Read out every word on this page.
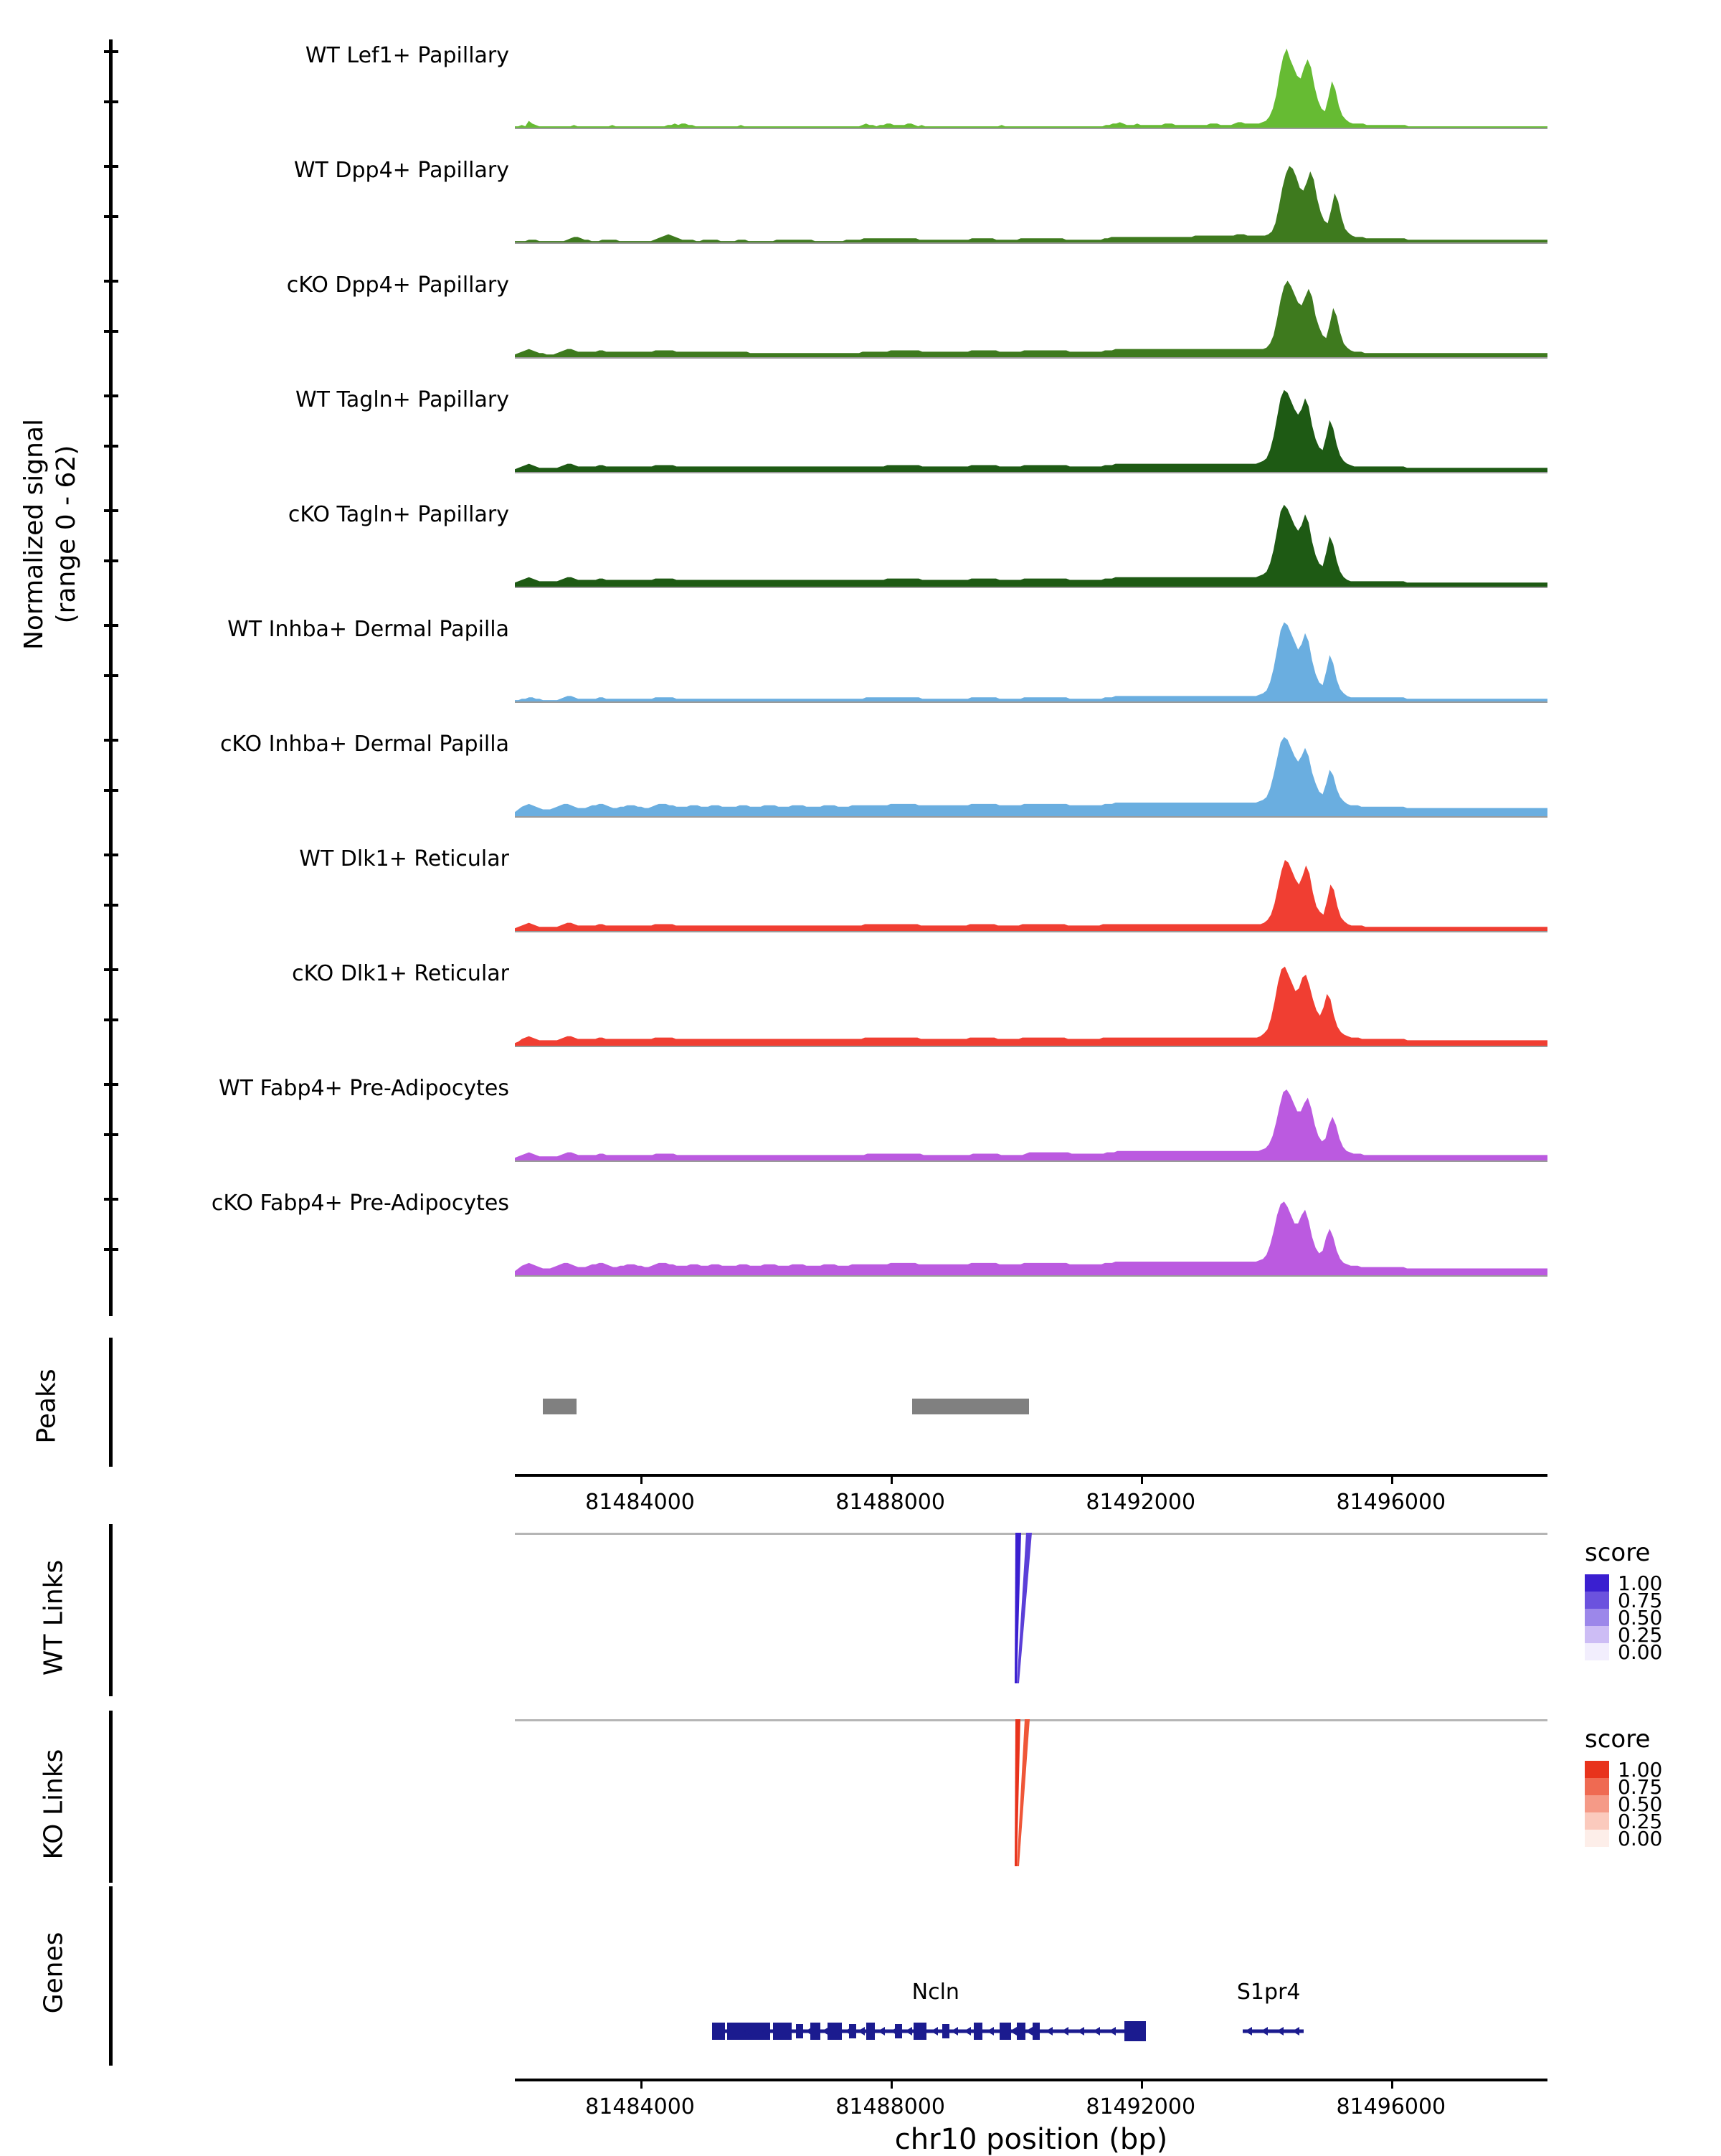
Normalized signal (range 0 - 62)
WT Lef1+ Papillary
WT Dpp4+ Papillary
cKO Dpp4+ Papillary
WT Tagln+ Papillary
cKO Tagln+ Papillary
WT Inhba+ Dermal Papilla
cKO Inhba+ Dermal Papilla
WT Dlk1+ Reticular
cKO Dlk1+ Reticular
WT Fabp4+ Pre-Adipocytes
cKO Fabp4+ Pre-Adipocytes
Peaks
81484000	81488000	81492000	81496000
WT Links
score
1.00
0.75
0.50
0.25
0.00
KO Links
score
1.00
0.75
0.50
0.25
0.00
Genes	Ncln	S1pr4
81484000	81488000	81492000	81496000
chr10 position (bp)
